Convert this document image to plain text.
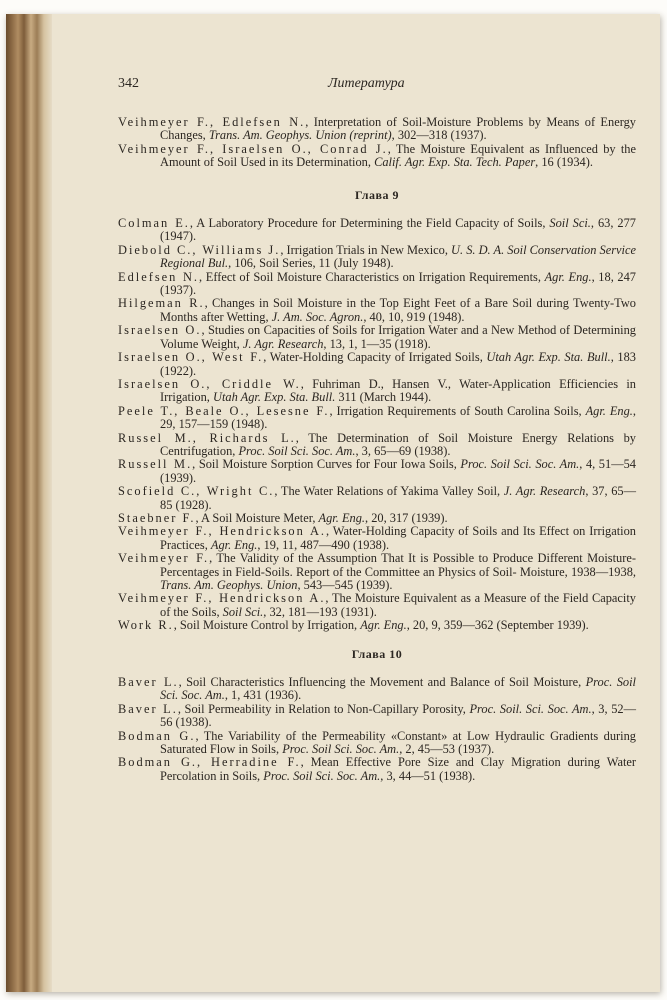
342	Литература

Veihmeyer F., Edlefsen N., Interpretation of Soil-Moisture Problems by Means of Energy Changes, Trans. Am. Geophys. Union (reprint), 302—318 (1937).

Veihmeyer F., Israelsen O., Conrad J., The Moisture Equivalent as Influenced by the Amount of Soil Used in its Determination, Calif. Agr. Exp. Sta. Tech. Paper, 16 (1934).

Глава 9

Colman E., A Laboratory Procedure for Determining the Field Capacity of Soils, Soil Sci., 63, 277 (1947).

Diebold C., Williams J., Irrigation Trials in New Mexico, U. S. D. A. Soil Conservation Service Regional Bul., 106, Soil Series, 11 (July 1948).

Edlefsen N., Effect of Soil Moisture Characteristics on Irrigation Requirements, Agr. Eng., 18, 247 (1937).

Hilgeman R., Changes in Soil Moisture in the Top Eight Feet of a Bare Soil during Twenty-Two Months after Wetting, J. Am. Soc. Agron., 40, 10, 919 (1948).

Israelsen O., Studies on Capacities of Soils for Irrigation Water and a New Method of Determining Volume Weight, J. Agr. Research, 13, 1, 1—35 (1918).

Israelsen O., West F., Water-Holding Capacity of Irrigated Soils, Utah Agr. Exp. Sta. Bull., 183 (1922).

Israelsen O., Criddle W., Fuhriman D., Hansen V., Water-Application Efficiencies in Irrigation, Utah Agr. Exp. Sta. Bull. 311 (March 1944).

Peele T., Beale O., Lesesne F., Irrigation Requirements of South Carolina Soils, Agr. Eng., 29, 157—159 (1948).

Russel M., Richards L., The Determination of Soil Moisture Energy Relations by Centrifugation, Proc. Soil Sci. Soc. Am., 3, 65—69 (1938).

Russell M., Soil Moisture Sorption Curves for Four Iowa Soils, Proc. Soil Sci. Soc. Am., 4, 51—54 (1939).

Scofield C., Wright C., The Water Relations of Yakima Valley Soil, J. Agr. Research, 37, 65—85 (1928).

Staebner F., A Soil Moisture Meter, Agr. Eng., 20, 317 (1939).

Veihmeyer F., Hendrickson A., Water-Holding Capacity of Soils and Its Effect on Irrigation Practices, Agr. Eng., 19, 11, 487—490 (1938).

Veihmeyer F., The Validity of the Assumption That It is Possible to Produce Different Moisture-Percentages in Field-Soils. Report of the Committee an Physics of Soil- Moisture, 1938—1938, Trans. Am. Geophys. Union, 543—545 (1939).

Veihmeyer F., Hendrickson A., The Moisture Equivalent as a Measure of the Field Capacity of the Soils, Soil Sci., 32, 181—193 (1931).

Work R., Soil Moisture Control by Irrigation, Agr. Eng., 20, 9, 359—362 (September 1939).

Глава 10

Baver L., Soil Characteristics Influencing the Movement and Balance of Soil Moisture, Proc. Soil Sci. Soc. Am., 1, 431 (1936).

Baver L., Soil Permeability in Relation to Non-Capillary Porosity, Proc. Soil. Sci. Soc. Am., 3, 52—56 (1938).

Bodman G., The Variability of the Permeability «Constant» at Low Hydraulic Gradients during Saturated Flow in Soils, Proc. Soil Sci. Soc. Am., 2, 45—53 (1937).

Bodman G., Herradine F., Mean Effective Pore Size and Clay Migration during Water Percolation in Soils, Proc. Soil Sci. Soc. Am., 3, 44—51 (1938).
